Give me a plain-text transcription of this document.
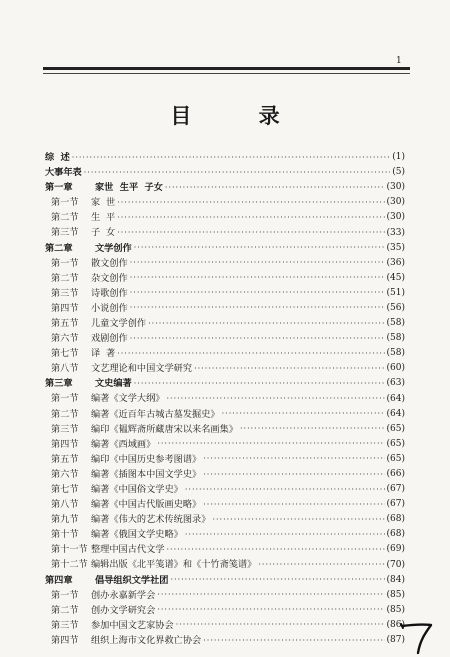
1
目 录
综  述 ·····	(1)
大事年表 ·····	(5)
第一章 家世  生平  子女 ·····	(30)
第一节 家  世 ·····	(30)
第二节 生  平 ·····	(30)
第三节 子  女 ·····	(33)
第二章 文学创作 ·····	(35)
第一节 散文创作 ·····	(36)
第二节 杂文创作 ·····	(45)
第三节 诗歌创作 ·····	(51)
第四节 小说创作 ·····	(56)
第五节 儿童文学创作 ·····	(58)
第六节 戏剧创作 ·····	(58)
第七节 译  著 ·····	(58)
第八节 文艺理论和中国文学研究 ·····	(60)
第三章 文史编著 ·····	(63)
第一节 编著《文学大纲》 ·····	(64)
第二节 编著《近百年古城古墓发掘史》 ·····	(64)
第三节 编印《韫辉斋所藏唐宋以来名画集》 ·····	(65)
第四节 编著《西域画》 ·····	(65)
第五节 编印《中国历史参考图谱》 ·····	(65)
第六节 编著《插图本中国文学史》 ·····	(66)
第七节 编著《中国俗文学史》 ·····	(67)
第八节 编著《中国古代版画史略》 ·····	(67)
第九节 编著《伟大的艺术传统图录》 ·····	(68)
第十节 编著《俄国文学史略》 ·····	(68)
第十一节 整理中国古代文学 ·····	(69)
第十二节 编辑出版《北平笺谱》和《十竹斋笺谱》 ·····	(70)
第四章 倡导组织文学社团 ·····	(84)
第一节 创办永嘉新学会 ·····	(85)
第二节 创办文学研究会 ·····	(85)
第三节 参加中国文艺家协会 ·····	(86)
第四节 组织上海市文化界救亡协会 ·····	(87)
